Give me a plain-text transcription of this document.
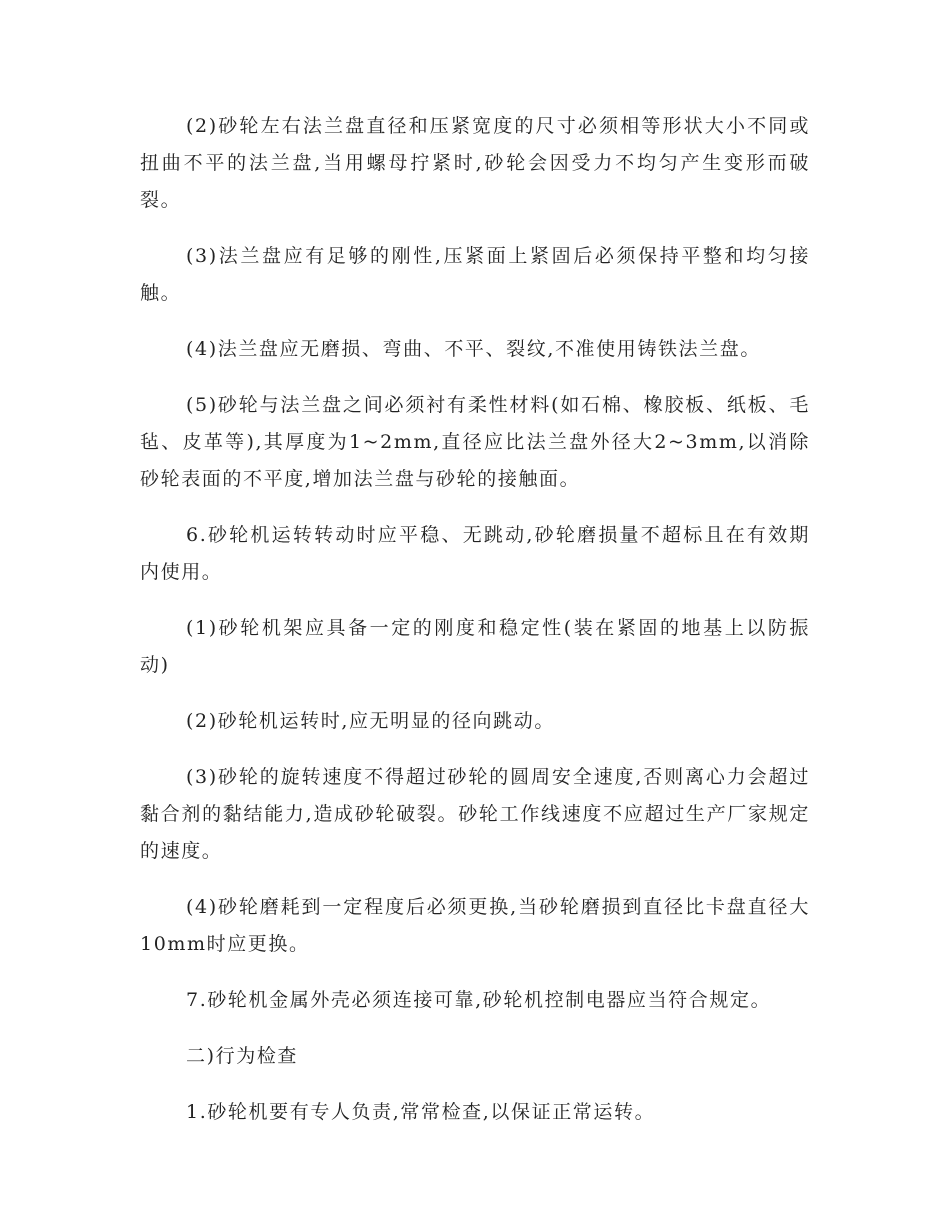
(2)砂轮左右法兰盘直径和压紧宽度的尺寸必须相等形状大小不同或扭曲不平的法兰盘,当用螺母拧紧时,砂轮会因受力不均匀产生变形而破裂。

(3)法兰盘应有足够的刚性,压紧面上紧固后必须保持平整和均匀接触。

(4)法兰盘应无磨损、弯曲、不平、裂纹,不准使用铸铁法兰盘。

(5)砂轮与法兰盘之间必须衬有柔性材料(如石棉、橡胶板、纸板、毛毡、皮革等),其厚度为1~2mm,直径应比法兰盘外径大2~3mm,以消除砂轮表面的不平度,增加法兰盘与砂轮的接触面。

6.砂轮机运转转动时应平稳、无跳动,砂轮磨损量不超标且在有效期内使用。

(1)砂轮机架应具备一定的刚度和稳定性(装在紧固的地基上以防振动)

(2)砂轮机运转时,应无明显的径向跳动。

(3)砂轮的旋转速度不得超过砂轮的圆周安全速度,否则离心力会超过黏合剂的黏结能力,造成砂轮破裂。砂轮工作线速度不应超过生产厂家规定的速度。

(4)砂轮磨耗到一定程度后必须更换,当砂轮磨损到直径比卡盘直径大10mm时应更换。

7.砂轮机金属外壳必须连接可靠,砂轮机控制电器应当符合规定。

二)行为检查

1.砂轮机要有专人负责,常常检查,以保证正常运转。
